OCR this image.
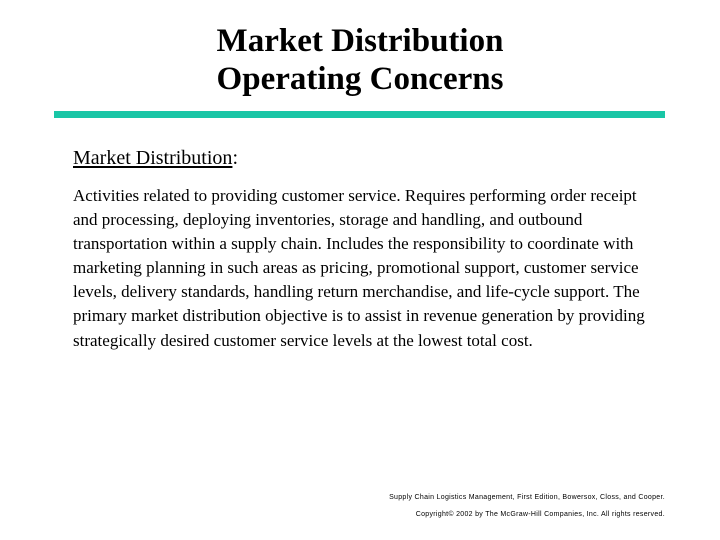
Market Distribution
Operating Concerns
Market Distribution:
Activities related to providing customer service. Requires performing order receipt and processing, deploying inventories, storage and handling, and outbound transportation within a supply chain. Includes the responsibility to coordinate with marketing planning in such areas as pricing, promotional support, customer service levels, delivery standards, handling return merchandise, and life-cycle support. The primary market distribution objective is to assist in revenue generation by providing strategically desired customer service levels at the lowest total cost.
Supply Chain Logistics Management, First Edition, Bowersox, Closs, and Cooper.
Copyright© 2002 by The McGraw-Hill Companies, Inc. All rights reserved.
